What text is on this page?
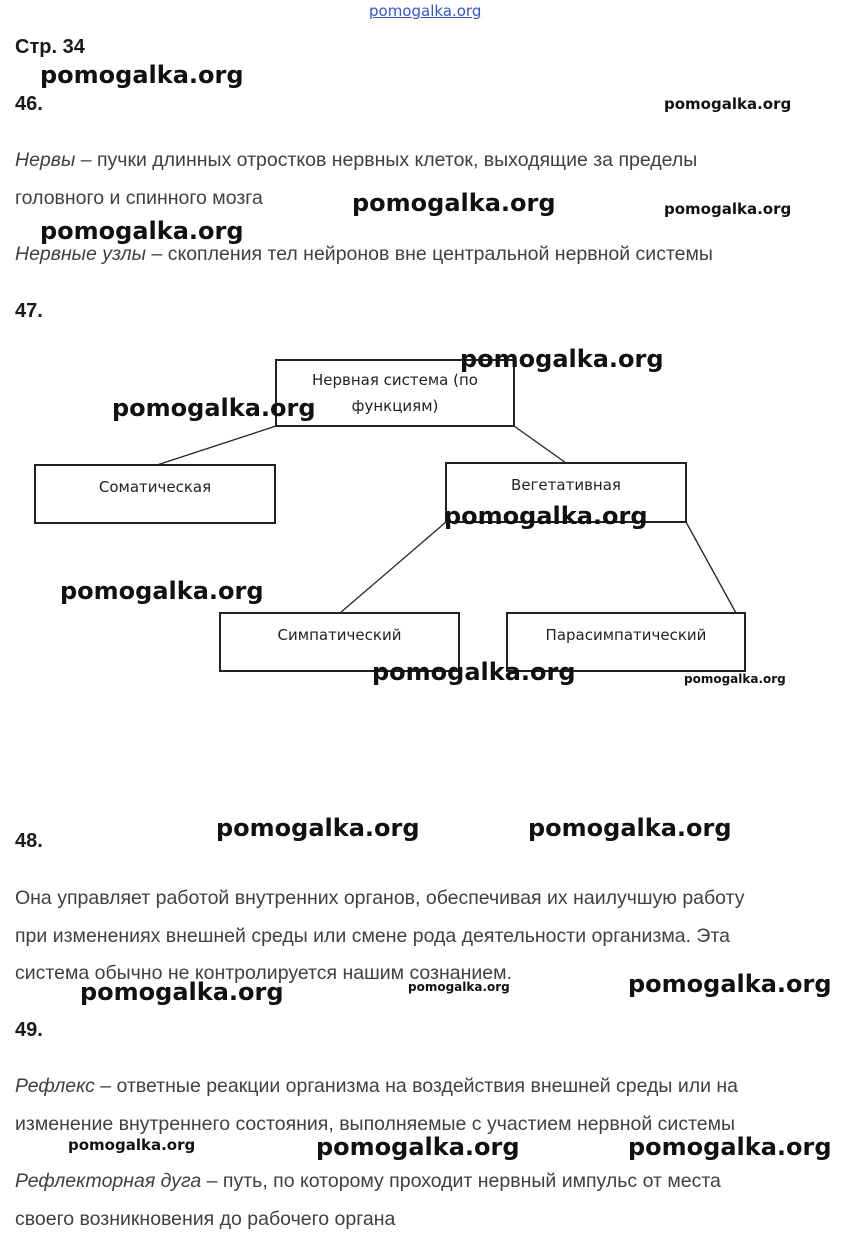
pomogalka.org
Стр. 34
46.
Нервы – пучки длинных отростков нервных клеток, выходящие за пределы
головного и спинного мозга
Нервные узлы – скопления тел нейронов вне центральной нервной системы
47.
Нервная система (по функциям)
Соматическая	Вегетативная
Симпатический	Парасимпатический
48.
Она управляет работой внутренних органов, обеспечивая их наилучшую работу
при изменениях внешней среды или смене рода деятельности организма. Эта
система обычно не контролируется нашим сознанием.
49.
Рефлекс – ответные реакции организма на воздействия внешней среды или на
изменение внутреннего состояния, выполняемые с участием нервной системы
Рефлекторная дуга – путь, по которому проходит нервный импульс от места
своего возникновения до рабочего органа
pomogalka.org
pomogalka.org
pomogalka.org	pomogalka.org
pomogalka.org
pomogalka.org
pomogalka.org
pomogalka.org
pomogalka.org
pomogalka.org	pomogalka.org
pomogalka.org	pomogalka.org
pomogalka.org
pomogalka.org
pomogalka.org
pomogalka.org	pomogalka.org	pomogalka.org
